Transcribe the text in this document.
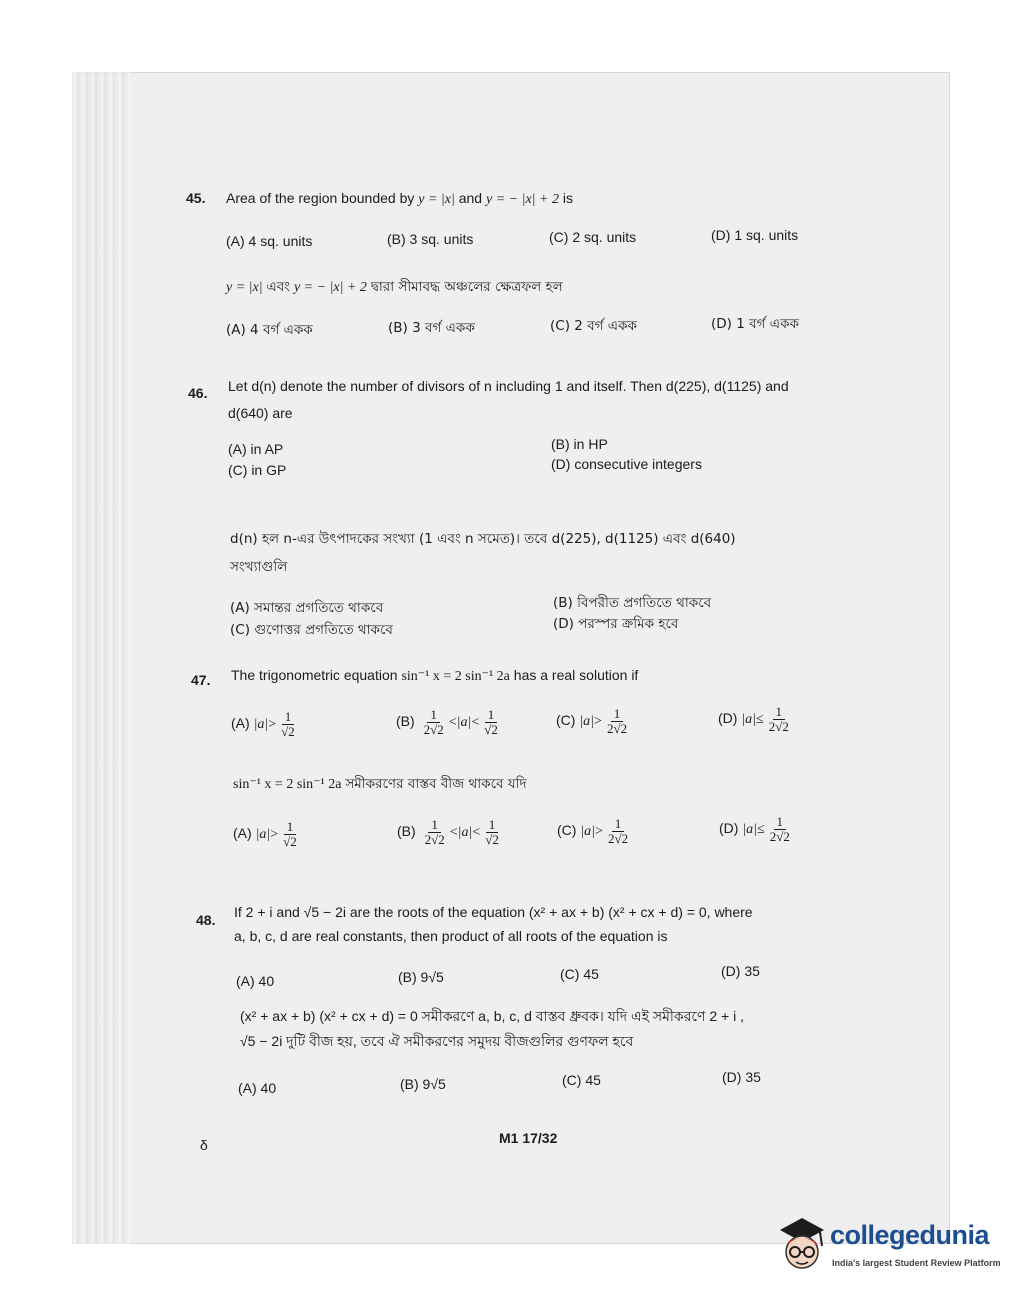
45. Area of the region bounded by y = |x| and y = − |x| + 2 is
(A) 4 sq. units	(B) 3 sq. units	(C) 2 sq. units	(D) 1 sq. units
y = |x| এবং y = − |x| + 2 দ্বারা সীমাবদ্ধ অঞ্চলের ক্ষেত্রফল হল
(A) 4 বর্গ একক	(B) 3 বর্গ একক	(C) 2 বর্গ একক	(D) 1 বর্গ একক
46. Let d(n) denote the number of divisors of n including 1 and itself. Then d(225), d(1125) and
d(640) are
(A) in AP	(B) in HP
(C) in GP	(D) consecutive integers
d(n) হল n-এর উৎপাদকের সংখ্যা (1 এবং n সমেত)। তবে d(225), d(1125) এবং d(640)
সংখ্যাগুলি
(A) সমান্তর প্রগতিতে থাকবে	(B) বিপরীত প্রগতিতে থাকবে
(C) গুণোত্তর প্রগতিতে থাকবে	(D) পরস্পর ক্রমিক হবে
47. The trigonometric equation sin⁻¹ x = 2 sin⁻¹ 2a has a real solution if
(A) $|a|> \frac{1}{√2}$	$(B) \frac{1}{2√2} <|a|< \frac{1}{√2}$	(C) $|a|> \frac{1}{2√2}$	(D) $|a|\le \frac{1}{2√2}$
sin⁻¹ x = 2 sin⁻¹ 2a সমীকরণের বাস্তব বীজ থাকবে যদি
(A) $|a|> \frac{1}{√2}$	$(B) \frac{1}{2√2} <|a|< \frac{1}{√2}$	(C) $|a|> \frac{1}{2√2}$	(D) $|a|\le \frac{1}{2√2}$
48. If 2 + i and √5 − 2i are the roots of the equation (x² + ax + b) (x² + cx + d) = 0, where
a, b, c, d are real constants, then product of all roots of the equation is
(A) 40	(B) 9√5	(C) 45	(D) 35
(x² + ax + b) (x² + cx + d) = 0 সমীকরণে a, b, c, d বাস্তব ধ্রুবক। যদি এই সমীকরণে 2 + i ,
√5 − 2i দুটি বীজ হয়, তবে ঐ সমীকরণের সমুদয় বীজগুলির গুণফল হবে
(A) 40	(B) 9√5	(C) 45	(D) 35
δ	M1 17/32
collegedunia
India's largest Student Review Platform
